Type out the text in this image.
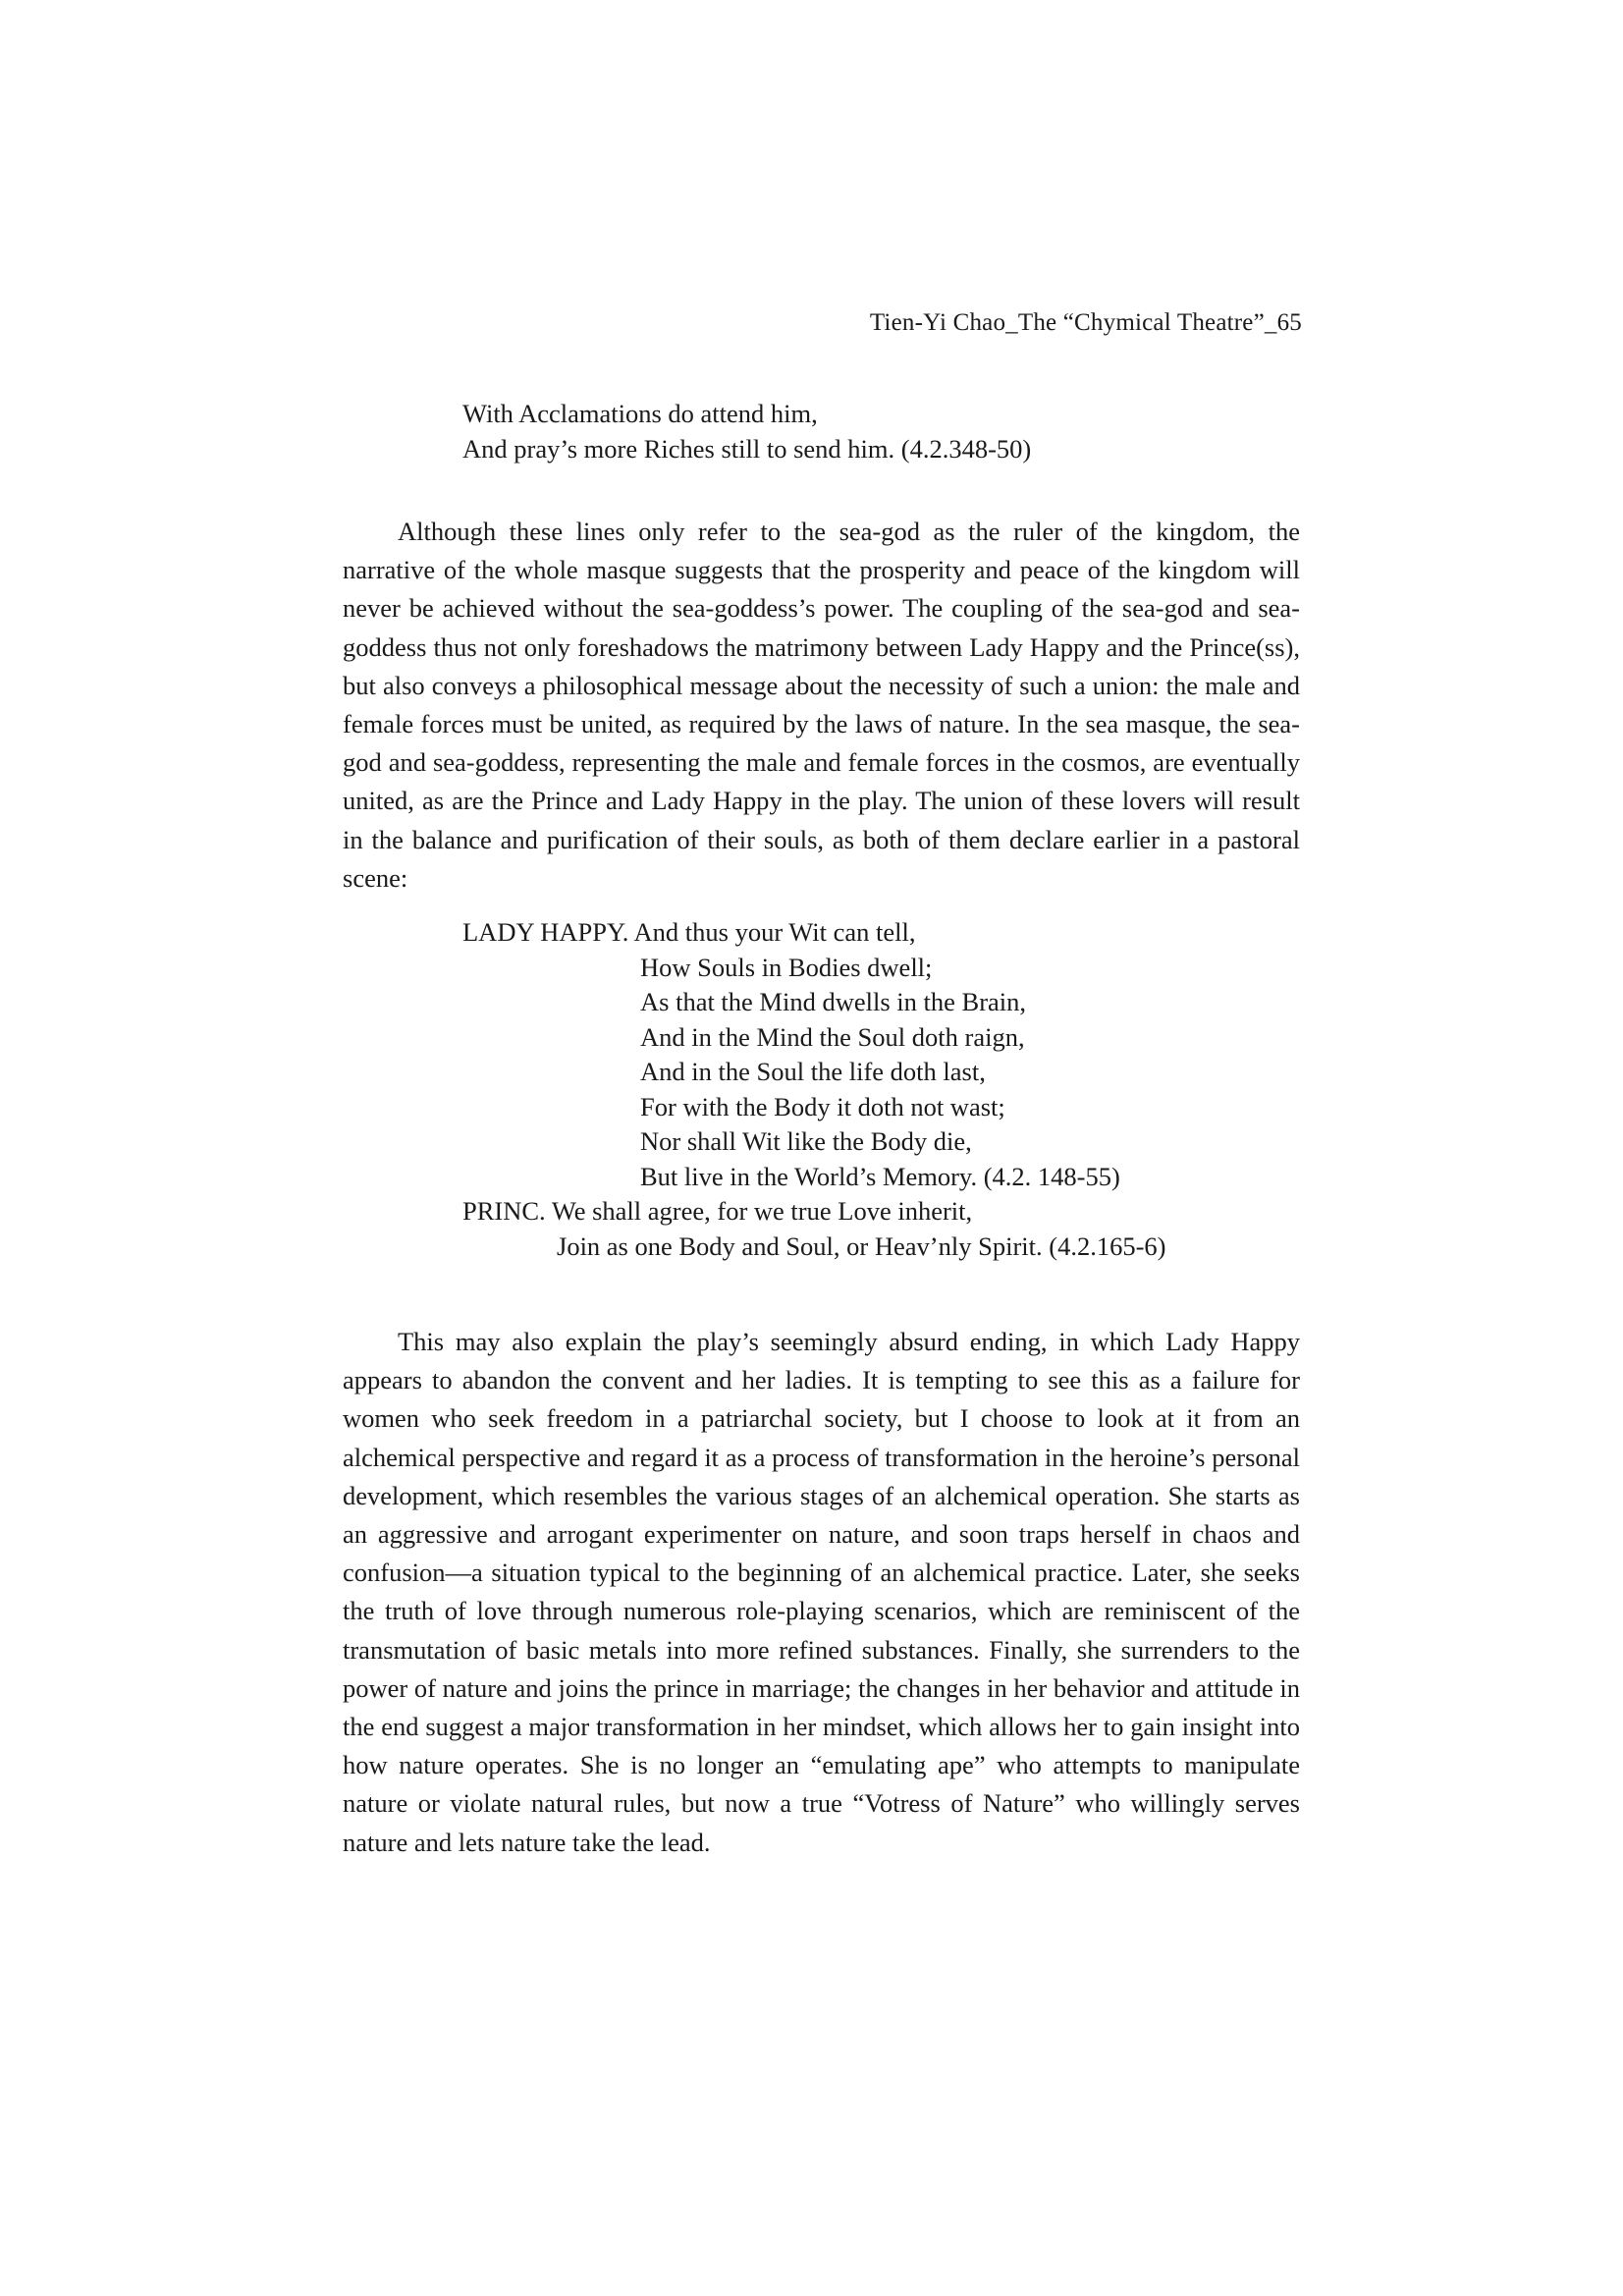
Tien-Yi Chao_The “Chymical Theatre”_65
With Acclamations do attend him,
And pray’s more Riches still to send him. (4.2.348-50)

Although these lines only refer to the sea-god as the ruler of the kingdom, the narrative of the whole masque suggests that the prosperity and peace of the kingdom will never be achieved without the sea-goddess’s power. The coupling of the sea-god and sea-goddess thus not only foreshadows the matrimony between Lady Happy and the Prince(ss), but also conveys a philosophical message about the necessity of such a union: the male and female forces must be united, as required by the laws of nature. In the sea masque, the sea-god and sea-goddess, representing the male and female forces in the cosmos, are eventually united, as are the Prince and Lady Happy in the play. The union of these lovers will result in the balance and purification of their souls, as both of them declare earlier in a pastoral scene:

LADY HAPPY. And thus your Wit can tell,
How Souls in Bodies dwell;
As that the Mind dwells in the Brain,
And in the Mind the Soul doth raign,
And in the Soul the life doth last,
For with the Body it doth not wast;
Nor shall Wit like the Body die,
But live in the World’s Memory. (4.2. 148-55)
PRINC. We shall agree, for we true Love inherit,
Join as one Body and Soul, or Heav’nly Spirit. (4.2.165-6)

This may also explain the play’s seemingly absurd ending, in which Lady Happy appears to abandon the convent and her ladies. It is tempting to see this as a failure for women who seek freedom in a patriarchal society, but I choose to look at it from an alchemical perspective and regard it as a process of transformation in the heroine’s personal development, which resembles the various stages of an alchemical operation. She starts as an aggressive and arrogant experimenter on nature, and soon traps herself in chaos and confusion—a situation typical to the beginning of an alchemical practice. Later, she seeks the truth of love through numerous role-playing scenarios, which are reminiscent of the transmutation of basic metals into more refined substances. Finally, she surrenders to the power of nature and joins the prince in marriage; the changes in her behavior and attitude in the end suggest a major transformation in her mindset, which allows her to gain insight into how nature operates. She is no longer an “emulating ape” who attempts to manipulate nature or violate natural rules, but now a true “Votress of Nature” who willingly serves nature and lets nature take the lead.
